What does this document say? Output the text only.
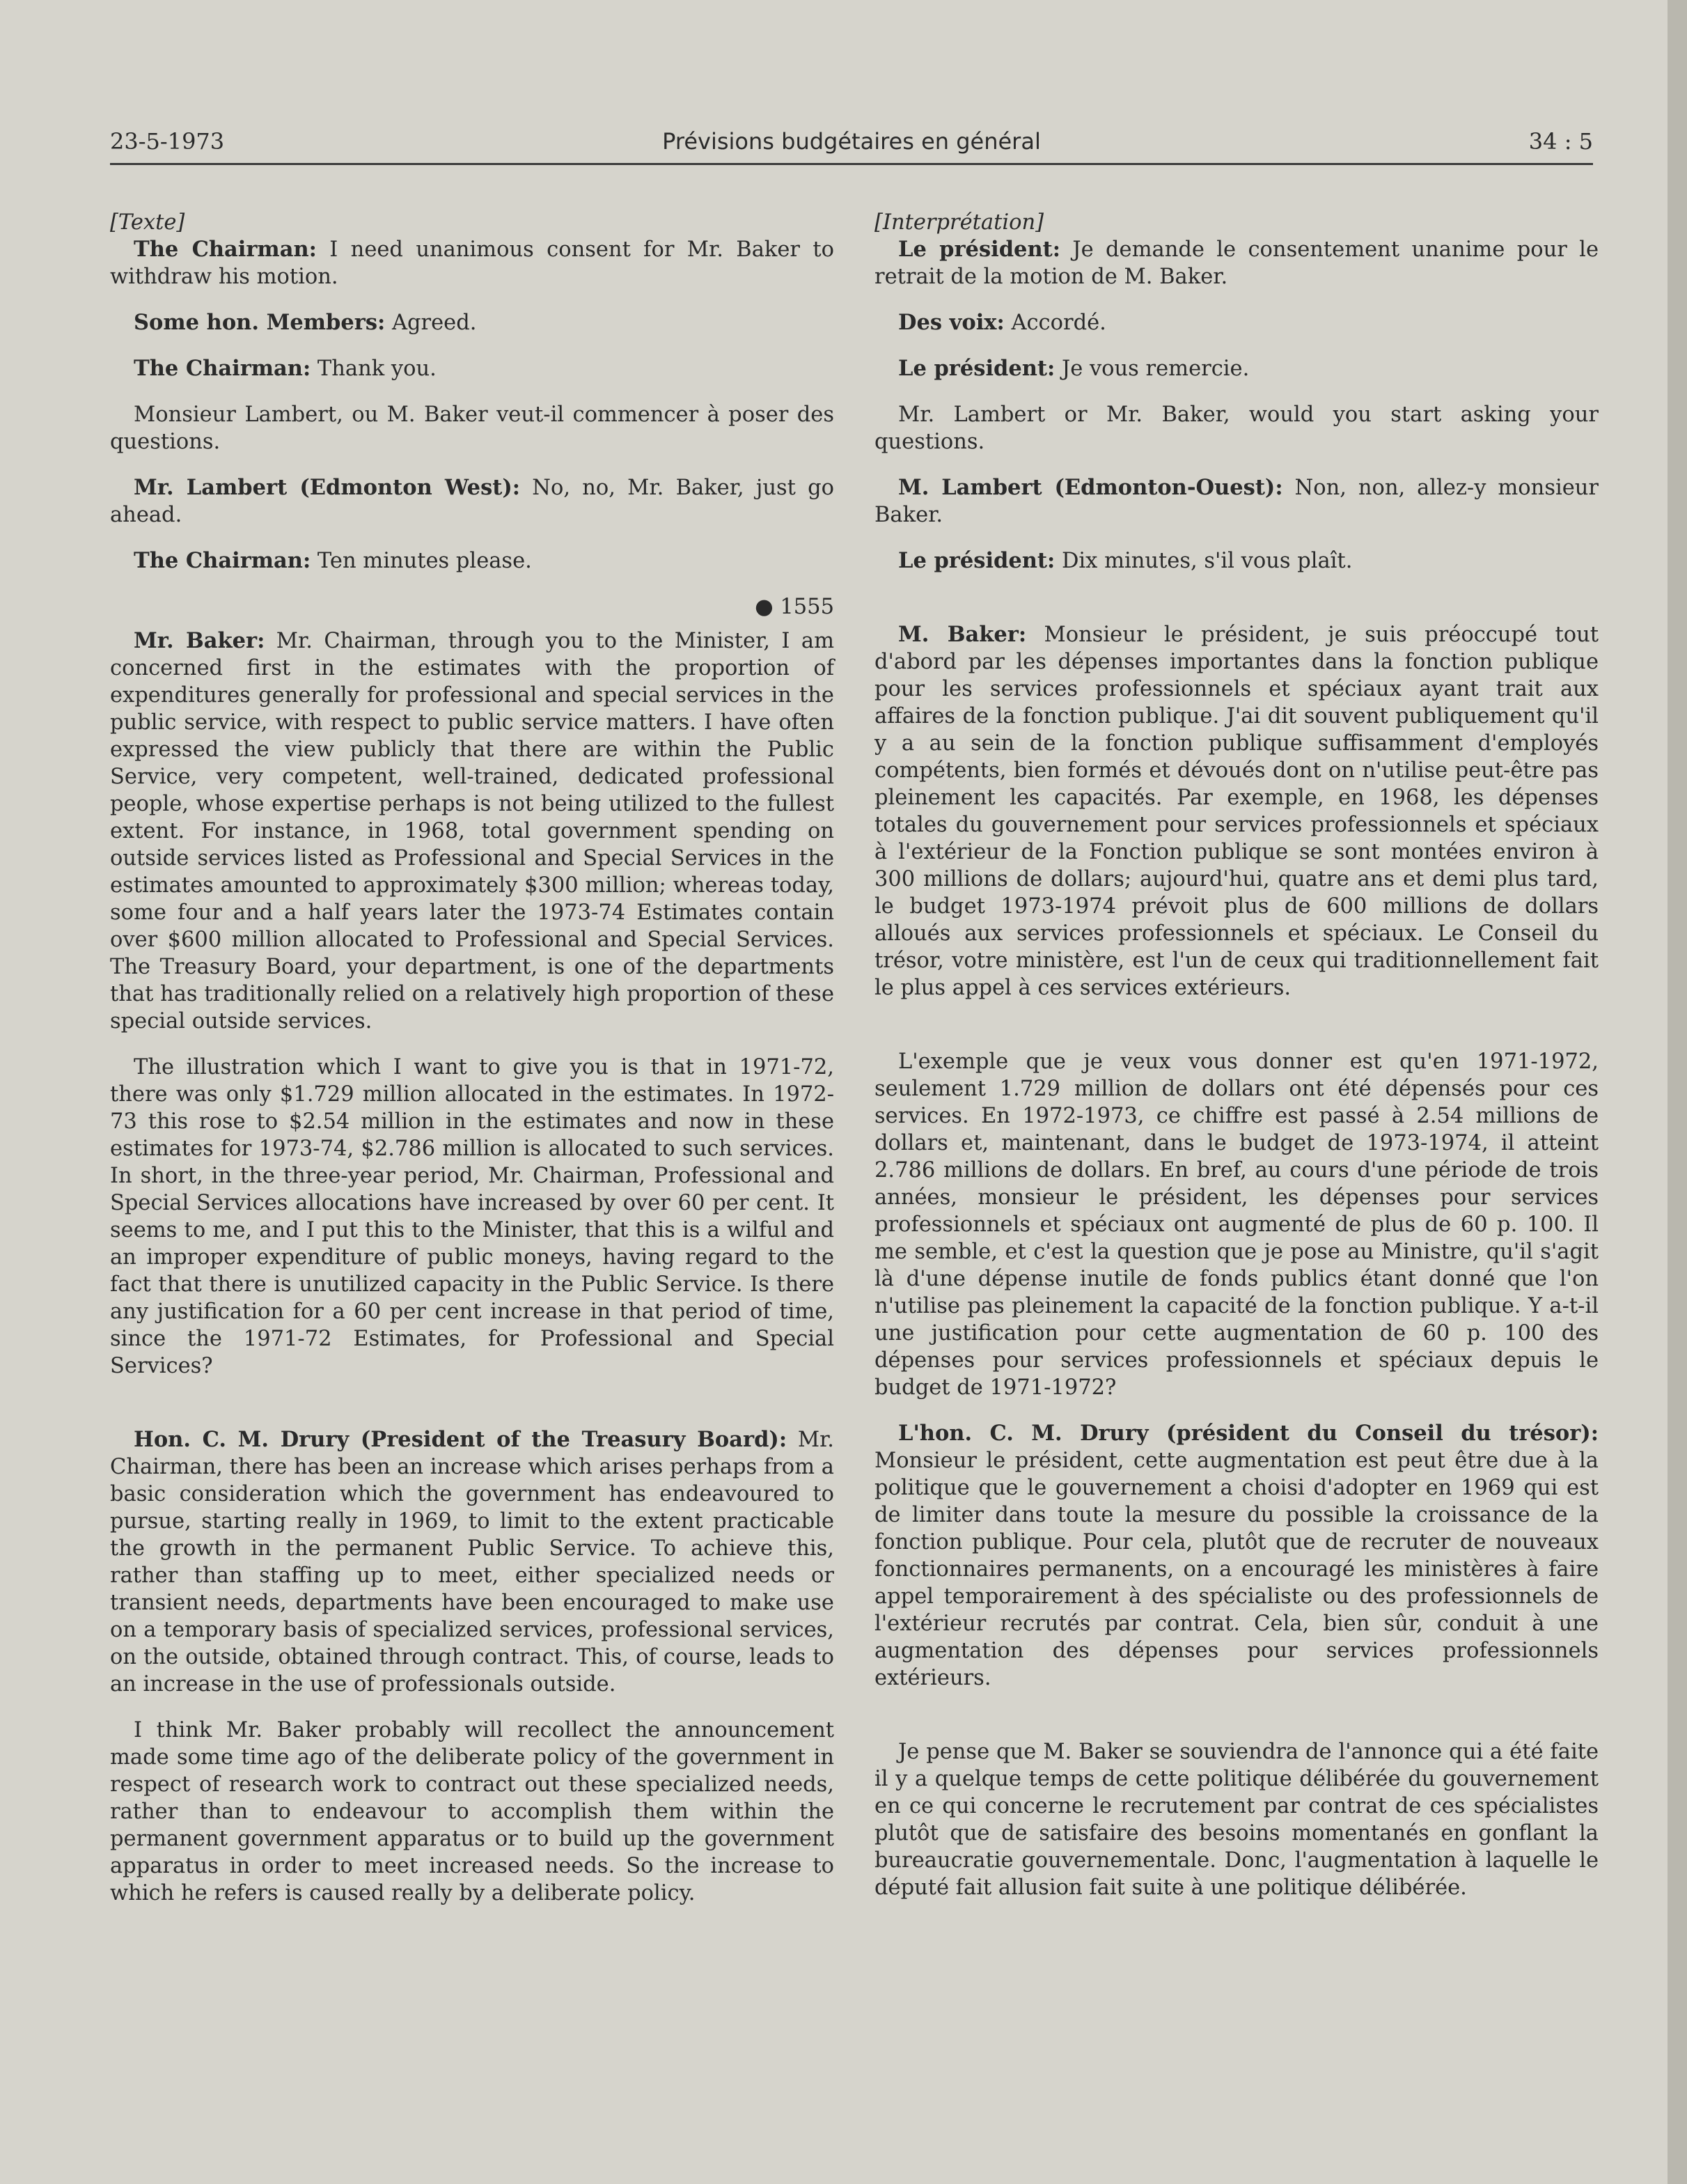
23-5-1973	Prévisions budgétaires en général	34 : 5

[Texte]

The Chairman: I need unanimous consent for Mr. Baker to withdraw his motion.

Some hon. Members: Agreed.

The Chairman: Thank you.

Monsieur Lambert, ou M. Baker veut-il commencer à poser des questions.

Mr. Lambert (Edmonton West): No, no, Mr. Baker, just go ahead.

The Chairman: Ten minutes please.

● 1555

Mr. Baker: Mr. Chairman, through you to the Minister, I am concerned first in the estimates with the proportion of expenditures generally for professional and special services in the public service, with respect to public service matters. I have often expressed the view publicly that there are within the Public Service, very competent, well-trained, dedicated professional people, whose expertise perhaps is not being utilized to the fullest extent. For instance, in 1968, total government spending on outside services listed as Professional and Special Services in the estimates amounted to approximately $300 million; whereas today, some four and a half years later the 1973-74 Estimates contain over $600 million allocated to Professional and Special Services. The Treasury Board, your department, is one of the departments that has traditionally relied on a relatively high proportion of these special outside services.

The illustration which I want to give you is that in 1971-72, there was only $1.729 million allocated in the estimates. In 1972-73 this rose to $2.54 million in the estimates and now in these estimates for 1973-74, $2.786 million is allocated to such services. In short, in the three-year period, Mr. Chairman, Professional and Special Services allocations have increased by over 60 per cent. It seems to me, and I put this to the Minister, that this is a wilful and an improper expenditure of public moneys, having regard to the fact that there is unutilized capacity in the Public Service. Is there any justification for a 60 per cent increase in that period of time, since the 1971-72 Estimates, for Professional and Special Services?

Hon. C. M. Drury (President of the Treasury Board): Mr. Chairman, there has been an increase which arises perhaps from a basic consideration which the government has endeavoured to pursue, starting really in 1969, to limit to the extent practicable the growth in the permanent Public Service. To achieve this, rather than staffing up to meet, either specialized needs or transient needs, departments have been encouraged to make use on a temporary basis of specialized services, professional services, on the outside, obtained through contract. This, of course, leads to an increase in the use of professionals outside.

I think Mr. Baker probably will recollect the announcement made some time ago of the deliberate policy of the government in respect of research work to contract out these specialized needs, rather than to endeavour to accomplish them within the permanent government apparatus or to build up the government apparatus in order to meet increased needs. So the increase to which he refers is caused really by a deliberate policy.

[Interprétation]

Le président: Je demande le consentement unanime pour le retrait de la motion de M. Baker.

Des voix: Accordé.

Le président: Je vous remercie.

Mr. Lambert or Mr. Baker, would you start asking your questions.

M. Lambert (Edmonton-Ouest): Non, non, allez-y monsieur Baker.

Le président: Dix minutes, s'il vous plaît.

M. Baker: Monsieur le président, je suis préoccupé tout d'abord par les dépenses importantes dans la fonction publique pour les services professionnels et spéciaux ayant trait aux affaires de la fonction publique. J'ai dit souvent publiquement qu'il y a au sein de la fonction publique suffisamment d'employés compétents, bien formés et dévoués dont on n'utilise peut-être pas pleinement les capacités. Par exemple, en 1968, les dépenses totales du gouvernement pour services professionnels et spéciaux à l'extérieur de la Fonction publique se sont montées environ à 300 millions de dollars; aujourd'hui, quatre ans et demi plus tard, le budget 1973-1974 prévoit plus de 600 millions de dollars alloués aux services professionnels et spéciaux. Le Conseil du trésor, votre ministère, est l'un de ceux qui traditionnellement fait le plus appel à ces services extérieurs.

L'exemple que je veux vous donner est qu'en 1971-1972, seulement 1.729 million de dollars ont été dépensés pour ces services. En 1972-1973, ce chiffre est passé à 2.54 millions de dollars et, maintenant, dans le budget de 1973-1974, il atteint 2.786 millions de dollars. En bref, au cours d'une période de trois années, monsieur le président, les dépenses pour services professionnels et spéciaux ont augmenté de plus de 60 p. 100. Il me semble, et c'est la question que je pose au Ministre, qu'il s'agit là d'une dépense inutile de fonds publics étant donné que l'on n'utilise pas pleinement la capacité de la fonction publique. Y a-t-il une justification pour cette augmentation de 60 p. 100 des dépenses pour services professionnels et spéciaux depuis le budget de 1971-1972?

L'hon. C. M. Drury (président du Conseil du trésor): Monsieur le président, cette augmentation est peut être due à la politique que le gouvernement a choisi d'adopter en 1969 qui est de limiter dans toute la mesure du possible la croissance de la fonction publique. Pour cela, plutôt que de recruter de nouveaux fonctionnaires permanents, on a encouragé les ministères à faire appel temporairement à des spécialiste ou des professionnels de l'extérieur recrutés par contrat. Cela, bien sûr, conduit à une augmentation des dépenses pour services professionnels extérieurs.

Je pense que M. Baker se souviendra de l'annonce qui a été faite il y a quelque temps de cette politique délibérée du gouvernement en ce qui concerne le recrutement par contrat de ces spécialistes plutôt que de satisfaire des besoins momentanés en gonflant la bureaucratie gouvernementale. Donc, l'augmentation à laquelle le député fait allusion fait suite à une politique délibérée.
